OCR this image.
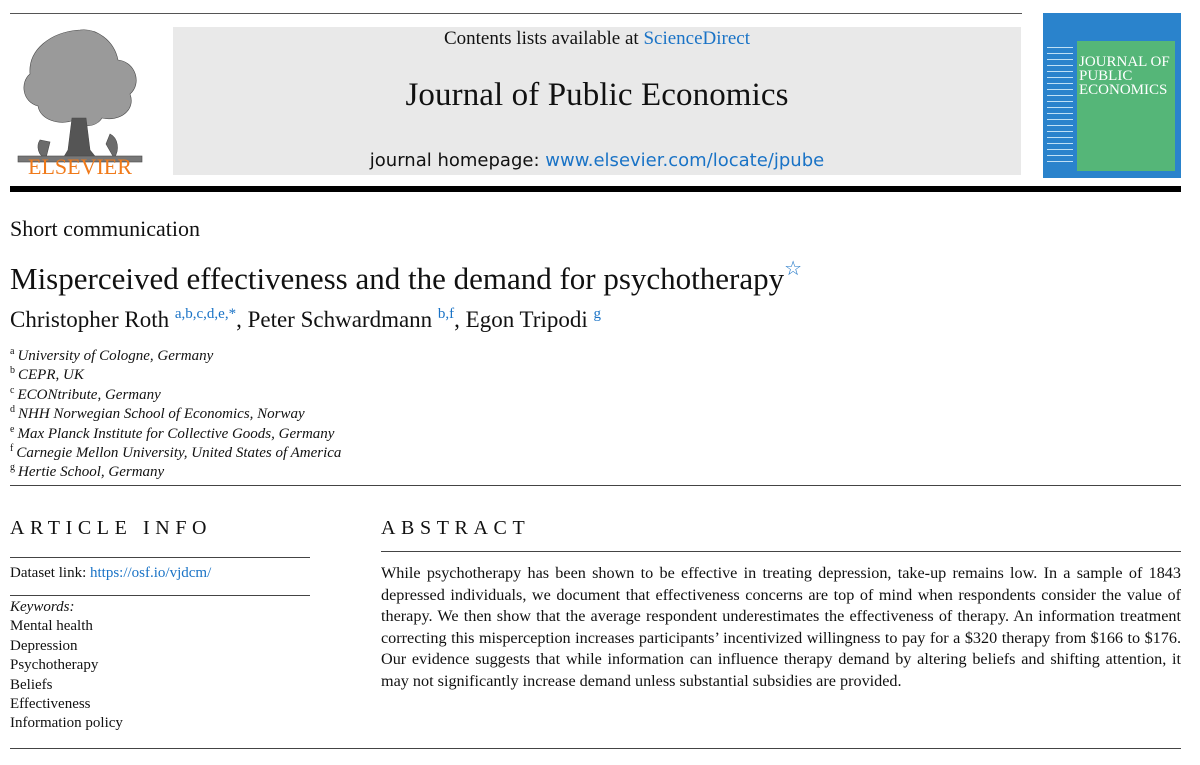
ELSEVIER
Contents lists available at ScienceDirect
Journal of Public Economics
journal homepage: www.elsevier.com/locate/jpube
JOURNAL OF PUBLIC ECONOMICS
Short communication
Misperceived effectiveness and the demand for psychotherapy☆
Christopher Roth $^{a,b,c,d,e,*}$, Peter Schwardmann $^{b,f}$, Egon Tripodi $^g$
$^a$ University of Cologne, Germany
$^b$ CEPR, UK
$^c$ ECONtribute, Germany
$^d$ NHH Norwegian School of Economics, Norway
$^e$ Max Planck Institute for Collective Goods, Germany
$^f$ Carnegie Mellon University, United States of America
$^g$ Hertie School, Germany
ARTICLE INFO	ABSTRACT
Dataset link: https://osf.io/vjdcm/
Keywords:
Mental health
Depression
Psychotherapy
Beliefs
Effectiveness
Information policy
While psychotherapy has been shown to be effective in treating depression, take-up remains low. In a sample of 1843 depressed individuals, we document that effectiveness concerns are top of mind when respondents consider the value of therapy. We then show that the average respondent underestimates the effectiveness of therapy. An information treatment correcting this misperception increases participants’ incentivized willingness to pay for a $320 therapy from $166 to $176. Our evidence suggests that while information can influence therapy demand by altering beliefs and shifting attention, it may not significantly increase demand unless substantial subsidies are provided.
